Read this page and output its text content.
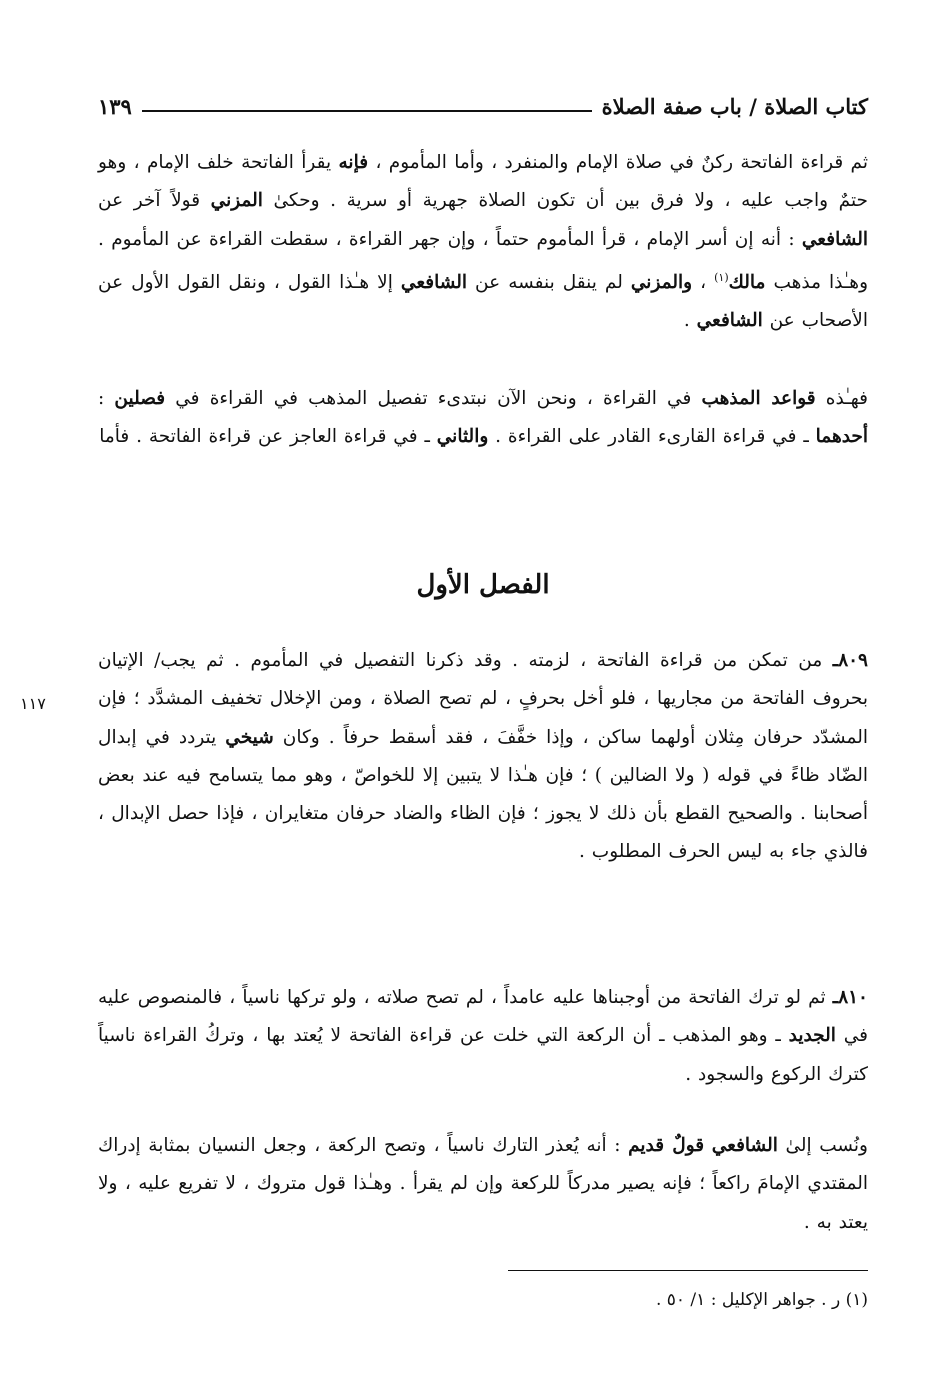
كتاب الصلاة / باب صفة الصلاة
١٣٩

ثم قراءة الفاتحة ركنٌ في صلاة الإمام والمنفرد ، وأما المأموم ، فإنه يقرأ الفاتحة خلف الإمام ، وهو حتمٌ واجب عليه ، ولا فرق بين أن تكون الصلاة جهرية أو سرية . وحكىٰ المزني قولاً آخر عن الشافعي : أنه إن أسر الإمام ، قرأ المأموم حتماً ، وإن جهر القراءة ، سقطت القراءة عن المأموم . وهـٰذا مذهب مالك$^{(١)}$ ، والمزني لم ينقل بنفسه عن الشافعي إلا هـٰذا القول ، ونقل القول الأول عن الأصحاب عن الشافعي .

فهـٰذه قواعد المذهب في القراءة ، ونحن الآن نبتدىء تفصيل المذهب في القراءة في فصلين : أحدهما ـ في قراءة القارىء القادر على القراءة . والثاني ـ في قراءة العاجز عن قراءة الفاتحة . فأما

الفصل الأول
١١٧

٨٠٩ـ من تمكن من قراءة الفاتحة ، لزمته . وقد ذكرنا التفصيل في المأموم . ثم يجب/ الإتيان بحروف الفاتحة من مجاريها ، فلو أخل بحرفٍ ، لم تصح الصلاة ، ومن الإخلال تخفيف المشدَّد ؛ فإن المشدّد حرفان مِثلان أولهما ساكن ، وإذا خفَّفَ ، فقد أسقط حرفاً . وكان شيخي يتردد في إبدال الضّاد ظاءً في قوله ( ولا الضالين ) ؛ فإن هـٰذا لا يتبين إلا للخواصّ ، وهو مما يتسامح فيه عند بعض أصحابنا . والصحيح القطع بأن ذلك لا يجوز ؛ فإن الظاء والضاد حرفان متغايران ، فإذا حصل الإبدال ، فالذي جاء به ليس الحرف المطلوب .

٨١٠ـ ثم لو ترك الفاتحة من أوجبناها عليه عامداً ، لم تصح صلاته ، ولو تركها ناسياً ، فالمنصوص عليه في الجديد ـ وهو المذهب ـ أن الركعة التي خلت عن قراءة الفاتحة لا يُعتد بها ، وتركُ القراءة ناسياً كترك الركوع والسجود .

ونُسب إلىٰ الشافعي قولٌ قديم : أنه يُعذر التارك ناسياً ، وتصح الركعة ، وجعل النسيان بمثابة إدراك المقتدي الإمامَ راكعاً ؛ فإنه يصير مدركاً للركعة وإن لم يقرأ . وهـٰذا قول متروك ، لا تفريع عليه ، ولا يعتد به .

(١) ر . جواهر الإكليل : ١/ ٥٠ .
